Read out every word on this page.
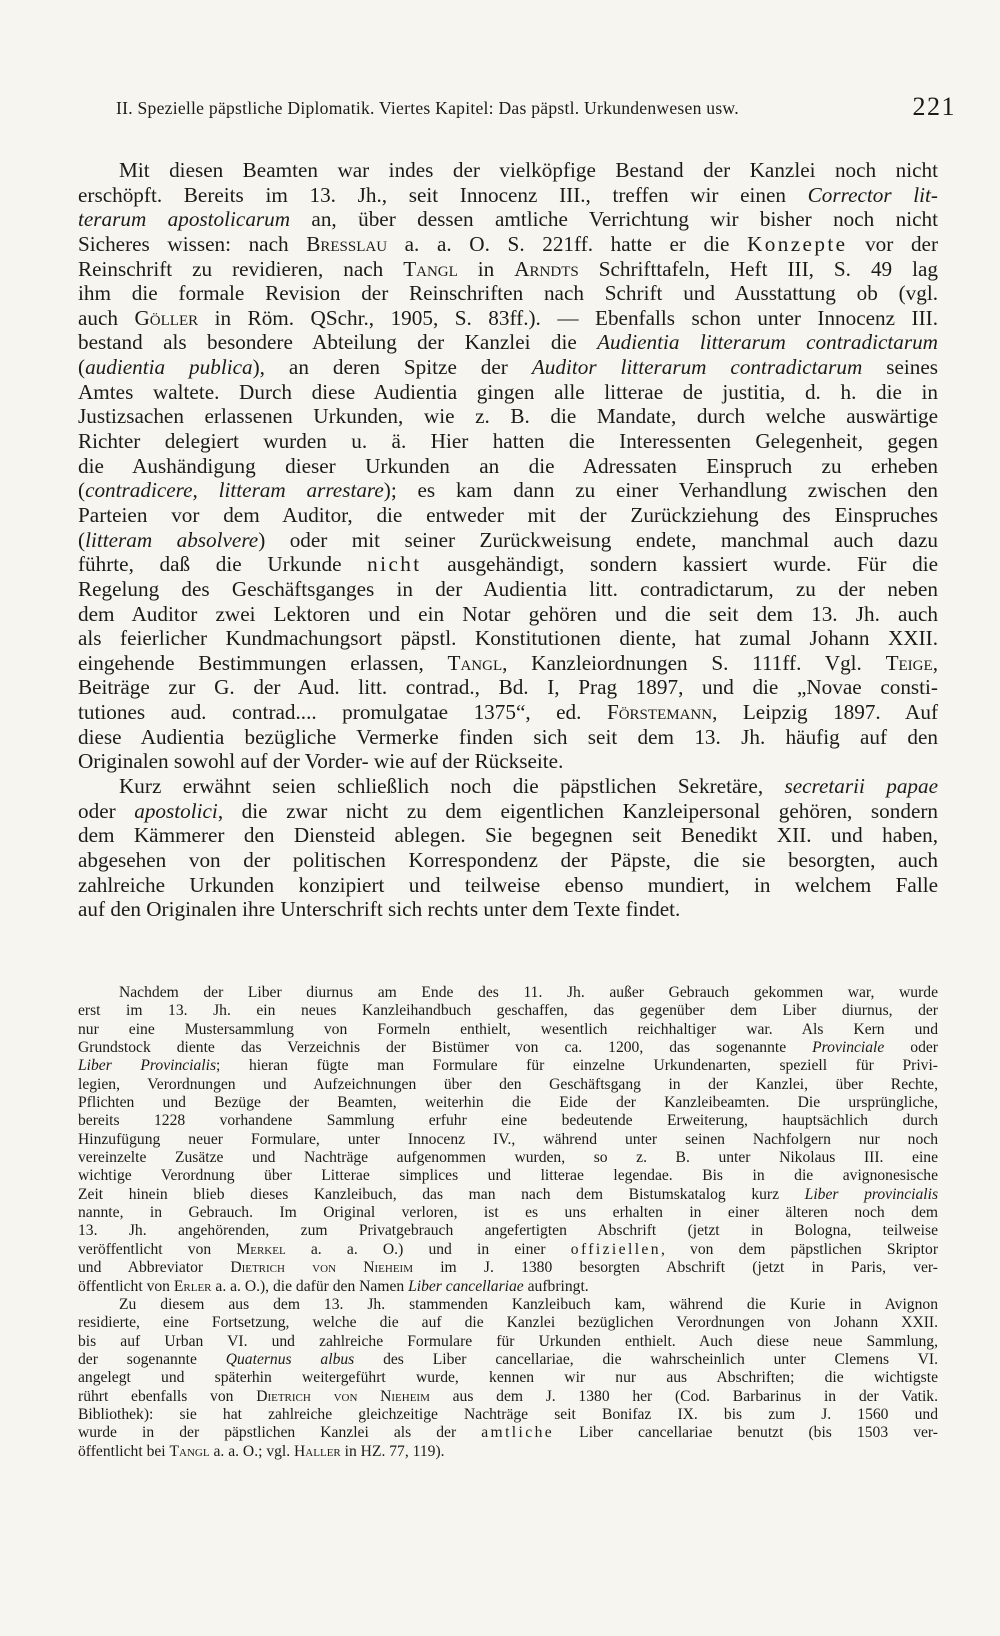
II. Spezielle päpstliche Diplomatik. Viertes Kapitel: Das päpstl. Urkundenwesen usw.	221
Mit diesen Beamten war indes der vielköpfige Bestand der Kanzlei noch nicht
erschöpft. Bereits im 13. Jh., seit Innocenz III., treffen wir einen Corrector lit-
terarum apostolicarum an, über dessen amtliche Verrichtung wir bisher noch nicht
Sicheres wissen: nach Bresslau a. a. O. S. 221ff. hatte er die Konzepte vor der
Reinschrift zu revidieren, nach Tangl in Arndts Schrifttafeln, Heft III, S. 49 lag
ihm die formale Revision der Reinschriften nach Schrift und Ausstattung ob (vgl.
auch Göller in Röm. QSchr., 1905, S. 83ff.). — Ebenfalls schon unter Innocenz III.
bestand als besondere Abteilung der Kanzlei die Audientia litterarum contradictarum
(audientia publica), an deren Spitze der Auditor litterarum contradictarum seines
Amtes waltete. Durch diese Audientia gingen alle litterae de justitia, d. h. die in
Justizsachen erlassenen Urkunden, wie z. B. die Mandate, durch welche auswärtige
Richter delegiert wurden u. ä. Hier hatten die Interessenten Gelegenheit, gegen
die Aushändigung dieser Urkunden an die Adressaten Einspruch zu erheben
(contradicere, litteram arrestare); es kam dann zu einer Verhandlung zwischen den
Parteien vor dem Auditor, die entweder mit der Zurückziehung des Einspruches
(litteram absolvere) oder mit seiner Zurückweisung endete, manchmal auch dazu
führte, daß die Urkunde nicht ausgehändigt, sondern kassiert wurde. Für die
Regelung des Geschäftsganges in der Audientia litt. contradictarum, zu der neben
dem Auditor zwei Lektoren und ein Notar gehören und die seit dem 13. Jh. auch
als feierlicher Kundmachungsort päpstl. Konstitutionen diente, hat zumal Johann XXII.
eingehende Bestimmungen erlassen, Tangl, Kanzleiordnungen S. 111ff. Vgl. Teige,
Beiträge zur G. der Aud. litt. contrad., Bd. I, Prag 1897, und die „Novae consti-
tutiones aud. contrad.... promulgatae 1375“, ed. Förstemann, Leipzig 1897. Auf
diese Audientia bezügliche Vermerke finden sich seit dem 13. Jh. häufig auf den
Originalen sowohl auf der Vorder- wie auf der Rückseite.
Kurz erwähnt seien schließlich noch die päpstlichen Sekretäre, secretarii papae
oder apostolici, die zwar nicht zu dem eigentlichen Kanzleipersonal gehören, sondern
dem Kämmerer den Diensteid ablegen. Sie begegnen seit Benedikt XII. und haben,
abgesehen von der politischen Korrespondenz der Päpste, die sie besorgten, auch
zahlreiche Urkunden konzipiert und teilweise ebenso mundiert, in welchem Falle
auf den Originalen ihre Unterschrift sich rechts unter dem Texte findet.
Nachdem der Liber diurnus am Ende des 11. Jh. außer Gebrauch gekommen war, wurde
erst im 13. Jh. ein neues Kanzleihandbuch geschaffen, das gegenüber dem Liber diurnus, der
nur eine Mustersammlung von Formeln enthielt, wesentlich reichhaltiger war. Als Kern und
Grundstock diente das Verzeichnis der Bistümer von ca. 1200, das sogenannte Provinciale oder
Liber Provincialis; hieran fügte man Formulare für einzelne Urkundenarten, speziell für Privi-
legien, Verordnungen und Aufzeichnungen über den Geschäftsgang in der Kanzlei, über Rechte,
Pflichten und Bezüge der Beamten, weiterhin die Eide der Kanzleibeamten. Die ursprüngliche,
bereits 1228 vorhandene Sammlung erfuhr eine bedeutende Erweiterung, hauptsächlich durch
Hinzufügung neuer Formulare, unter Innocenz IV., während unter seinen Nachfolgern nur noch
vereinzelte Zusätze und Nachträge aufgenommen wurden, so z. B. unter Nikolaus III. eine
wichtige Verordnung über Litterae simplices und litterae legendae. Bis in die avignonesische
Zeit hinein blieb dieses Kanzleibuch, das man nach dem Bistumskatalog kurz Liber provincialis
nannte, in Gebrauch. Im Original verloren, ist es uns erhalten in einer älteren noch dem
13. Jh. angehörenden, zum Privatgebrauch angefertigten Abschrift (jetzt in Bologna, teilweise
veröffentlicht von Merkel a. a. O.) und in einer offiziellen, von dem päpstlichen Skriptor
und Abbreviator Dietrich von Nieheim im J. 1380 besorgten Abschrift (jetzt in Paris, ver-
öffentlicht von Erler a. a. O.), die dafür den Namen Liber cancellariae aufbringt.
Zu diesem aus dem 13. Jh. stammenden Kanzleibuch kam, während die Kurie in Avignon
residierte, eine Fortsetzung, welche die auf die Kanzlei bezüglichen Verordnungen von Johann XXII.
bis auf Urban VI. und zahlreiche Formulare für Urkunden enthielt. Auch diese neue Sammlung,
der sogenannte Quaternus albus des Liber cancellariae, die wahrscheinlich unter Clemens VI.
angelegt und späterhin weitergeführt wurde, kennen wir nur aus Abschriften; die wichtigste
rührt ebenfalls von Dietrich von Nieheim aus dem J. 1380 her (Cod. Barbarinus in der Vatik.
Bibliothek): sie hat zahlreiche gleichzeitige Nachträge seit Bonifaz IX. bis zum J. 1560 und
wurde in der päpstlichen Kanzlei als der amtliche Liber cancellariae benutzt (bis 1503 ver-
öffentlicht bei Tangl a. a. O.; vgl. Haller in HZ. 77, 119).
